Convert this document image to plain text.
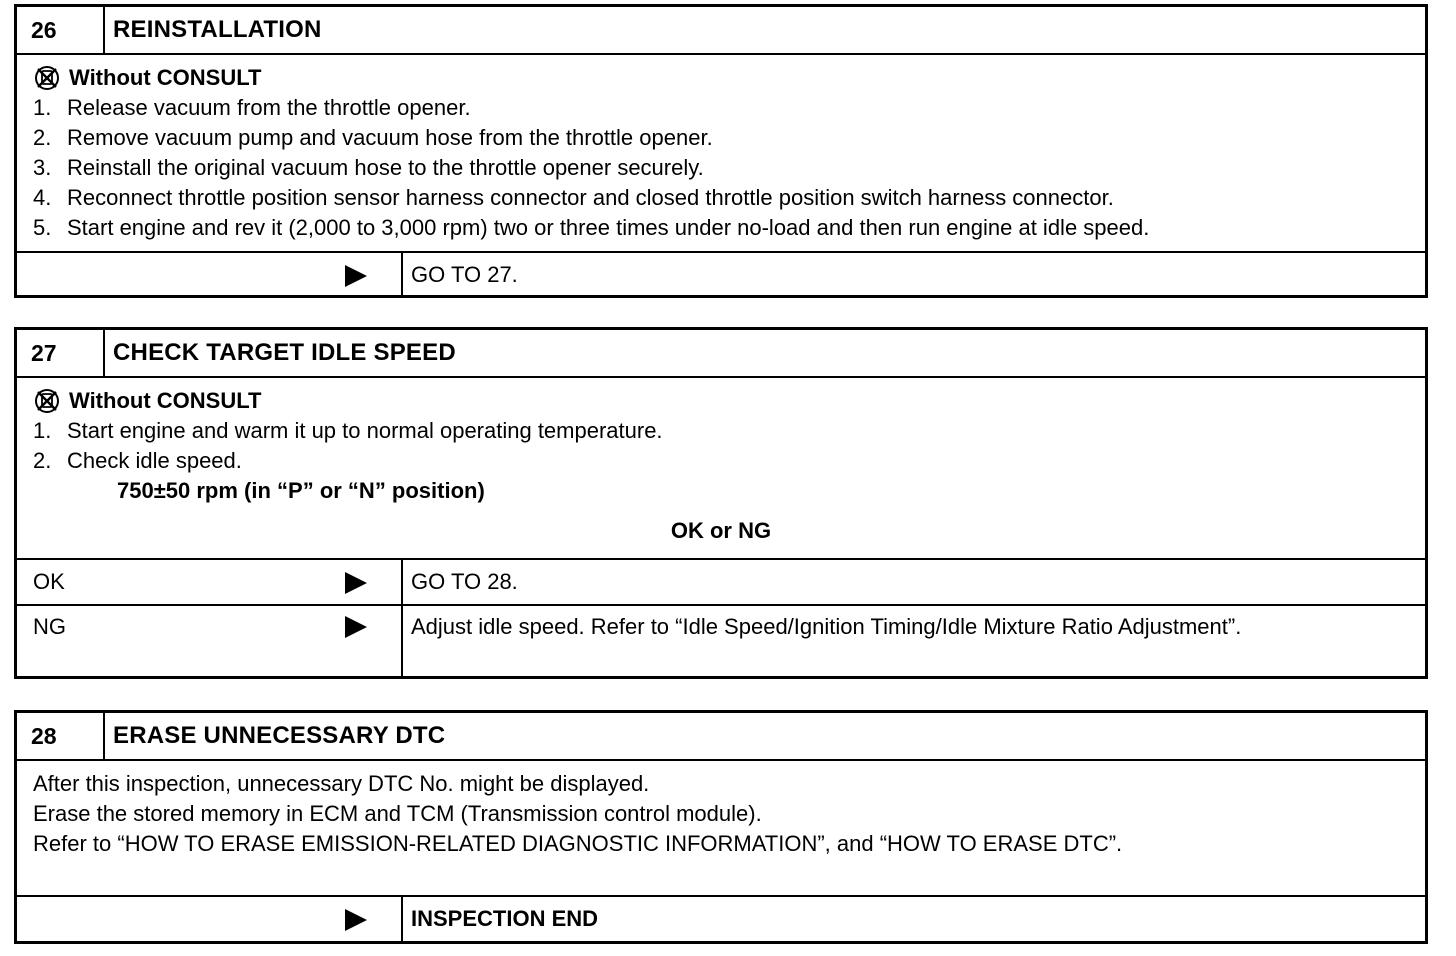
26	REINSTALLATION
Without CONSULT
1. Release vacuum from the throttle opener.
2. Remove vacuum pump and vacuum hose from the throttle opener.
3. Reinstall the original vacuum hose to the throttle opener securely.
4. Reconnect throttle position sensor harness connector and closed throttle position switch harness connector.
5. Start engine and rev it (2,000 to 3,000 rpm) two or three times under no-load and then run engine at idle speed.
GO TO 27.
27	CHECK TARGET IDLE SPEED
Without CONSULT
1. Start engine and warm it up to normal operating temperature.
2. Check idle speed.
750±50 rpm (in “P” or “N” position)
OK or NG
OK	GO TO 28.
NG	Adjust idle speed. Refer to “Idle Speed/Ignition Timing/Idle Mixture Ratio Adjustment”.
28	ERASE UNNECESSARY DTC
After this inspection, unnecessary DTC No. might be displayed.
Erase the stored memory in ECM and TCM (Transmission control module).
Refer to “HOW TO ERASE EMISSION-RELATED DIAGNOSTIC INFORMATION”, and “HOW TO ERASE DTC”.
INSPECTION END
